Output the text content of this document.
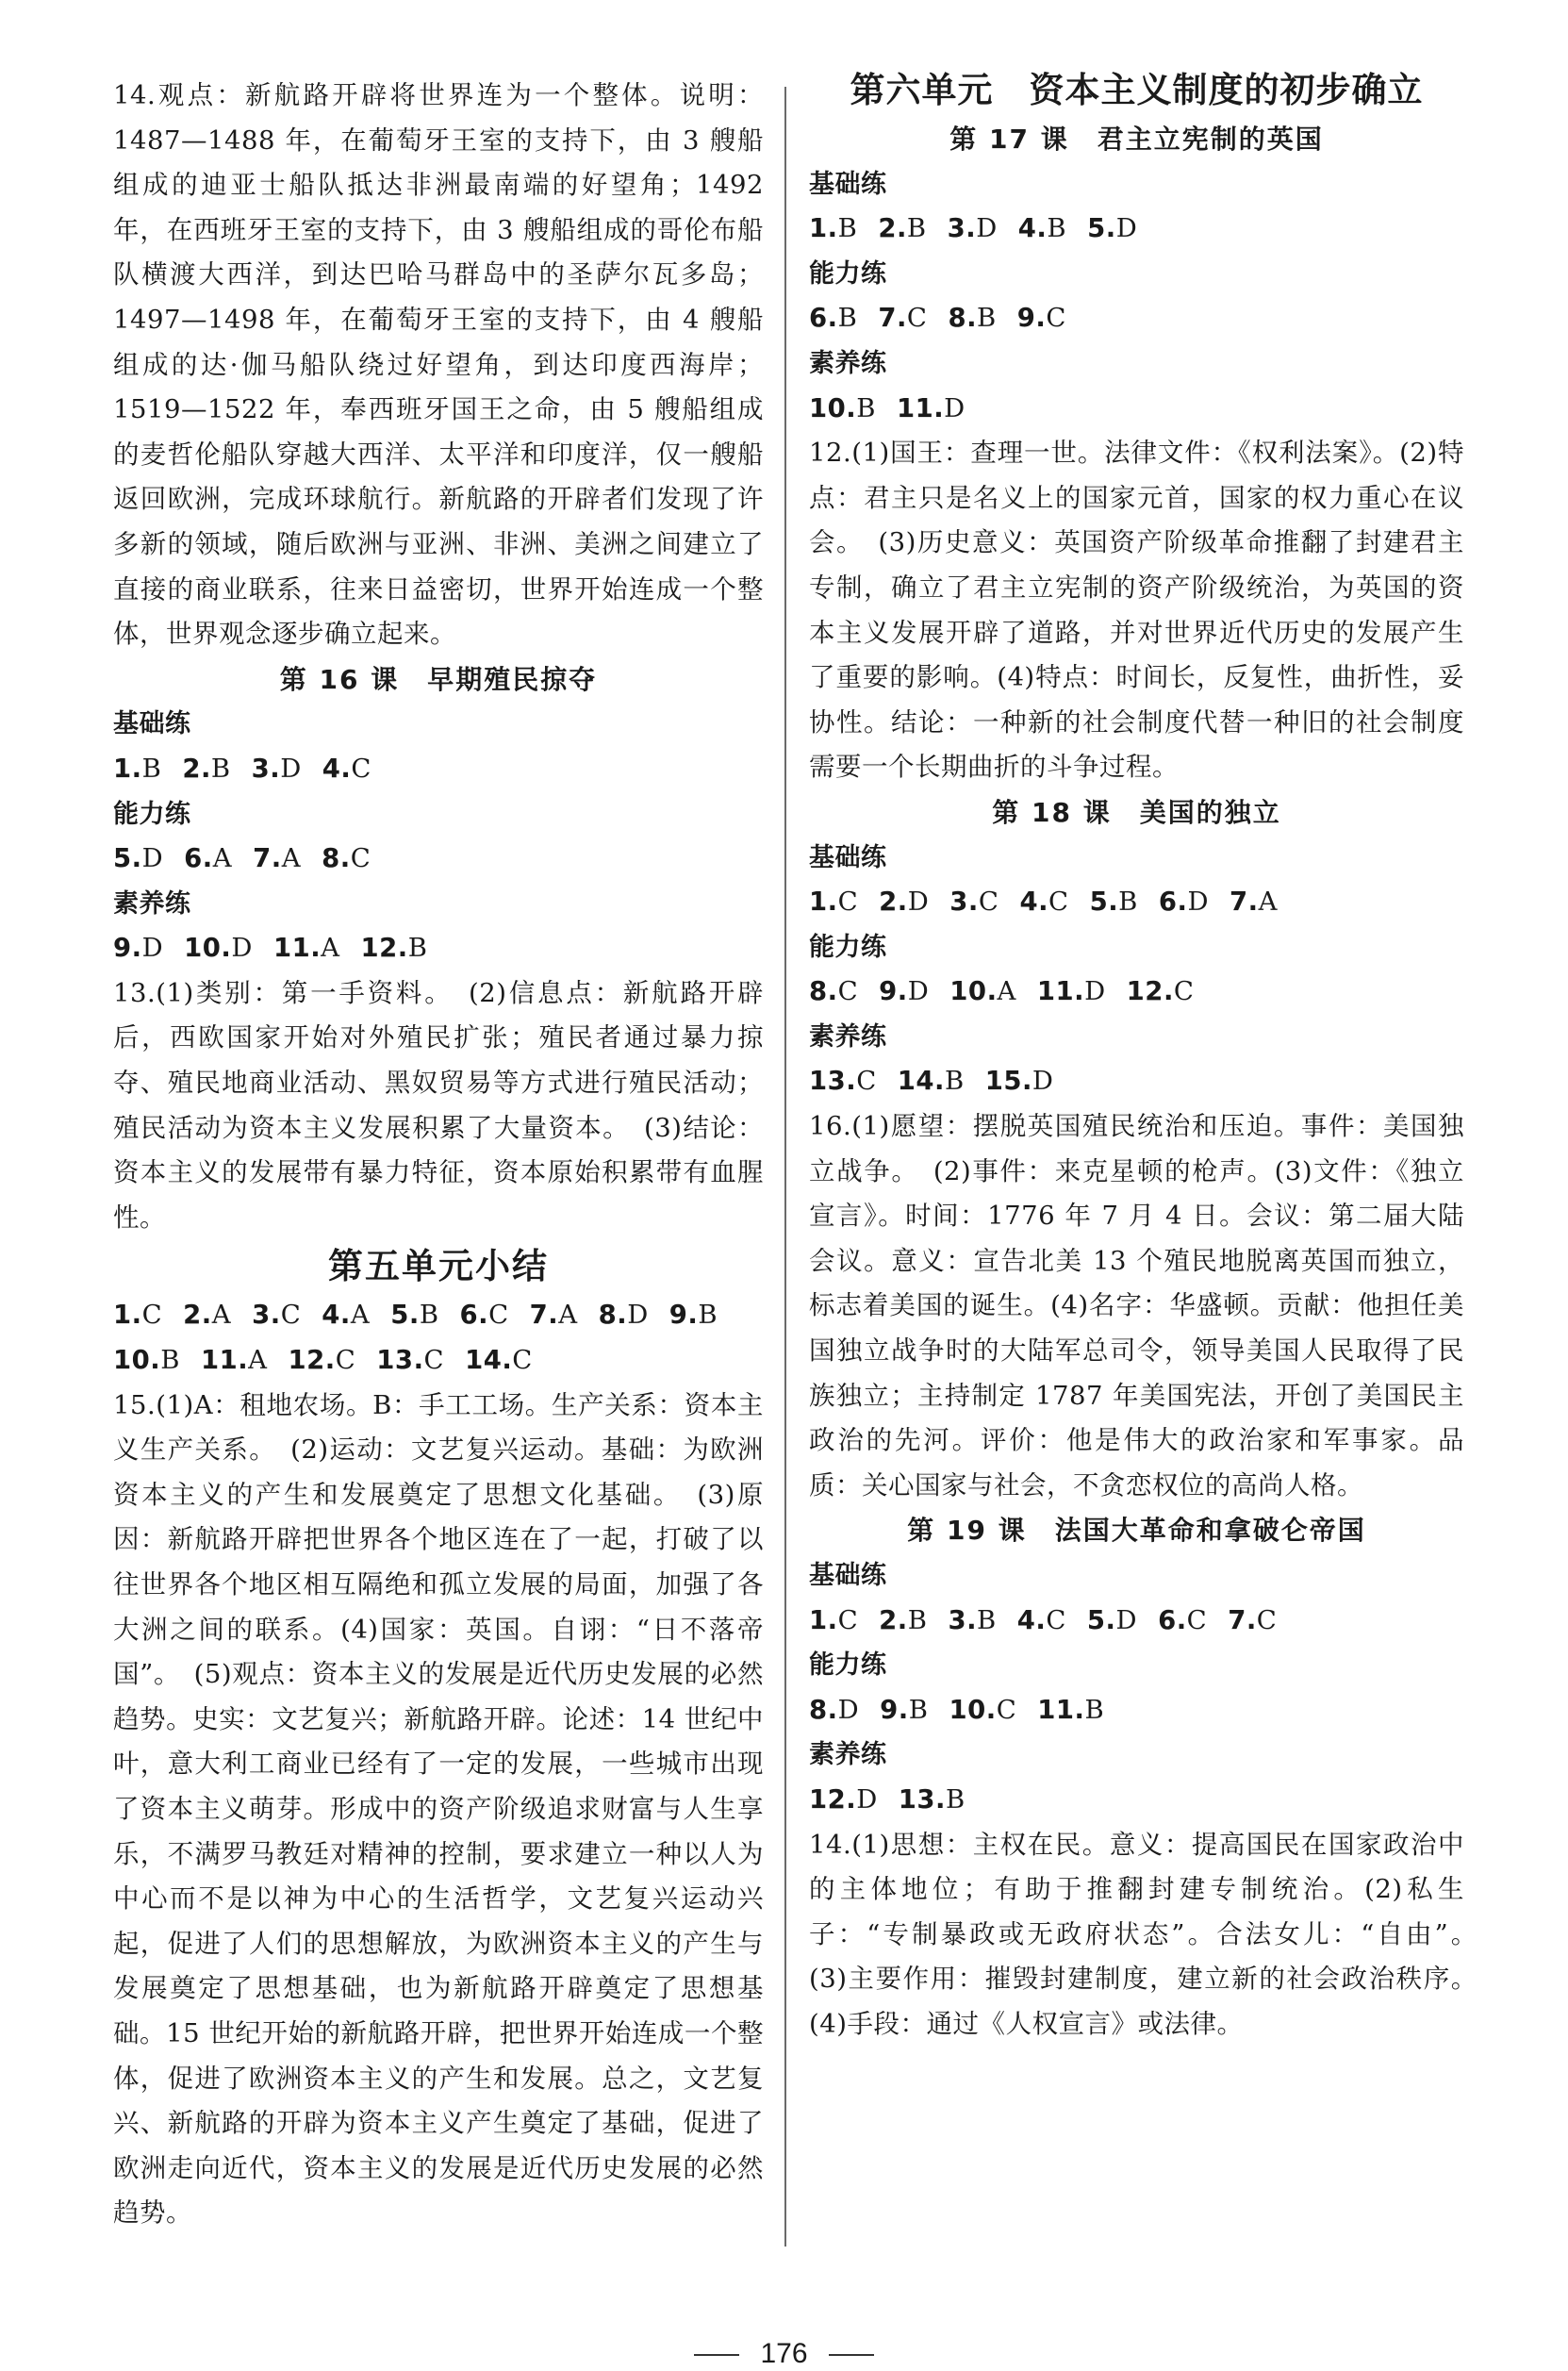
14.观点：新航路开辟将世界连为一个整体。说明：1487—1488 年，在葡萄牙王室的支持下，由 3 艘船组成的迪亚士船队抵达非洲最南端的好望角；1492 年，在西班牙王室的支持下，由 3 艘船组成的哥伦布船队横渡大西洋，到达巴哈马群岛中的圣萨尔瓦多岛；1497—1498 年，在葡萄牙王室的支持下，由 4 艘船组成的达·伽马船队绕过好望角，到达印度西海岸；1519—1522 年，奉西班牙国王之命，由 5 艘船组成的麦哲伦船队穿越大西洋、太平洋和印度洋，仅一艘船返回欧洲，完成环球航行。新航路的开辟者们发现了许多新的领域，随后欧洲与亚洲、非洲、美洲之间建立了直接的商业联系，往来日益密切，世界开始连成一个整体，世界观念逐步确立起来。

第 16 课　早期殖民掠夺

基础练

1.B 2.B 3.D 4.C

能力练

5.D 6.A 7.A 8.C

素养练

9.D 10.D 11.A 12.B

13.(1)类别：第一手资料。　(2)信息点：新航路开辟后，西欧国家开始对外殖民扩张；殖民者通过暴力掠夺、殖民地商业活动、黑奴贸易等方式进行殖民活动；殖民活动为资本主义发展积累了大量资本。　(3)结论：资本主义的发展带有暴力特征，资本原始积累带有血腥性。

第五单元小结

1.C 2.A 3.C 4.A 5.B 6.C 7.A 8.D 9.B

10.B 11.A 12.C 13.C 14.C

15.(1)A：租地农场。B：手工工场。生产关系：资本主义生产关系。　(2)运动：文艺复兴运动。基础：为欧洲资本主义的产生和发展奠定了思想文化基础。　(3)原因：新航路开辟把世界各个地区连在了一起，打破了以往世界各个地区相互隔绝和孤立发展的局面，加强了各大洲之间的联系。(4)国家：英国。自诩：“日不落帝国”。　(5)观点：资本主义的发展是近代历史发展的必然趋势。史实：文艺复兴；新航路开辟。论述：14 世纪中叶，意大利工商业已经有了一定的发展，一些城市出现了资本主义萌芽。形成中的资产阶级追求财富与人生享乐，不满罗马教廷对精神的控制，要求建立一种以人为中心而不是以神为中心的生活哲学，文艺复兴运动兴起，促进了人们的思想解放，为欧洲资本主义的产生与发展奠定了思想基础，也为新航路开辟奠定了思想基础。15 世纪开始的新航路开辟，把世界开始连成一个整体，促进了欧洲资本主义的产生和发展。总之，文艺复兴、新航路的开辟为资本主义产生奠定了基础，促进了欧洲走向近代，资本主义的发展是近代历史发展的必然趋势。

第六单元　资本主义制度的初步确立

第 17 课　君主立宪制的英国

基础练

1.B 2.B 3.D 4.B 5.D

能力练

6.B 7.C 8.B 9.C

素养练

10.B 11.D

12.(1)国王：查理一世。法律文件：《权利法案》。(2)特点：君主只是名义上的国家元首，国家的权力重心在议会。　(3)历史意义：英国资产阶级革命推翻了封建君主专制，确立了君主立宪制的资产阶级统治，为英国的资本主义发展开辟了道路，并对世界近代历史的发展产生了重要的影响。(4)特点：时间长，反复性，曲折性，妥协性。结论：一种新的社会制度代替一种旧的社会制度需要一个长期曲折的斗争过程。

第 18 课　美国的独立

基础练

1.C 2.D 3.C 4.C 5.B 6.D 7.A

能力练

8.C 9.D 10.A 11.D 12.C

素养练

13.C 14.B 15.D

16.(1)愿望：摆脱英国殖民统治和压迫。事件：美国独立战争。　(2)事件：来克星顿的枪声。(3)文件：《独立宣言》。时间：1776 年 7 月 4 日。会议：第二届大陆会议。意义：宣告北美 13 个殖民地脱离英国而独立，标志着美国的诞生。(4)名字：华盛顿。贡献：他担任美国独立战争时的大陆军总司令，领导美国人民取得了民族独立；主持制定 1787 年美国宪法，开创了美国民主政治的先河。评价：他是伟大的政治家和军事家。品质：关心国家与社会，不贪恋权位的高尚人格。

第 19 课　法国大革命和拿破仑帝国

基础练

1.C 2.B 3.B 4.C 5.D 6.C 7.C

能力练

8.D 9.B 10.C 11.B

素养练

12.D 13.B

14.(1)思想：主权在民。意义：提高国民在国家政治中的主体地位；有助于推翻封建专制统治。(2)私生子：“专制暴政或无政府状态”。合法女儿：“自由”。　(3)主要作用：摧毁封建制度，建立新的社会政治秩序。　(4)手段：通过《人权宣言》或法律。

176
